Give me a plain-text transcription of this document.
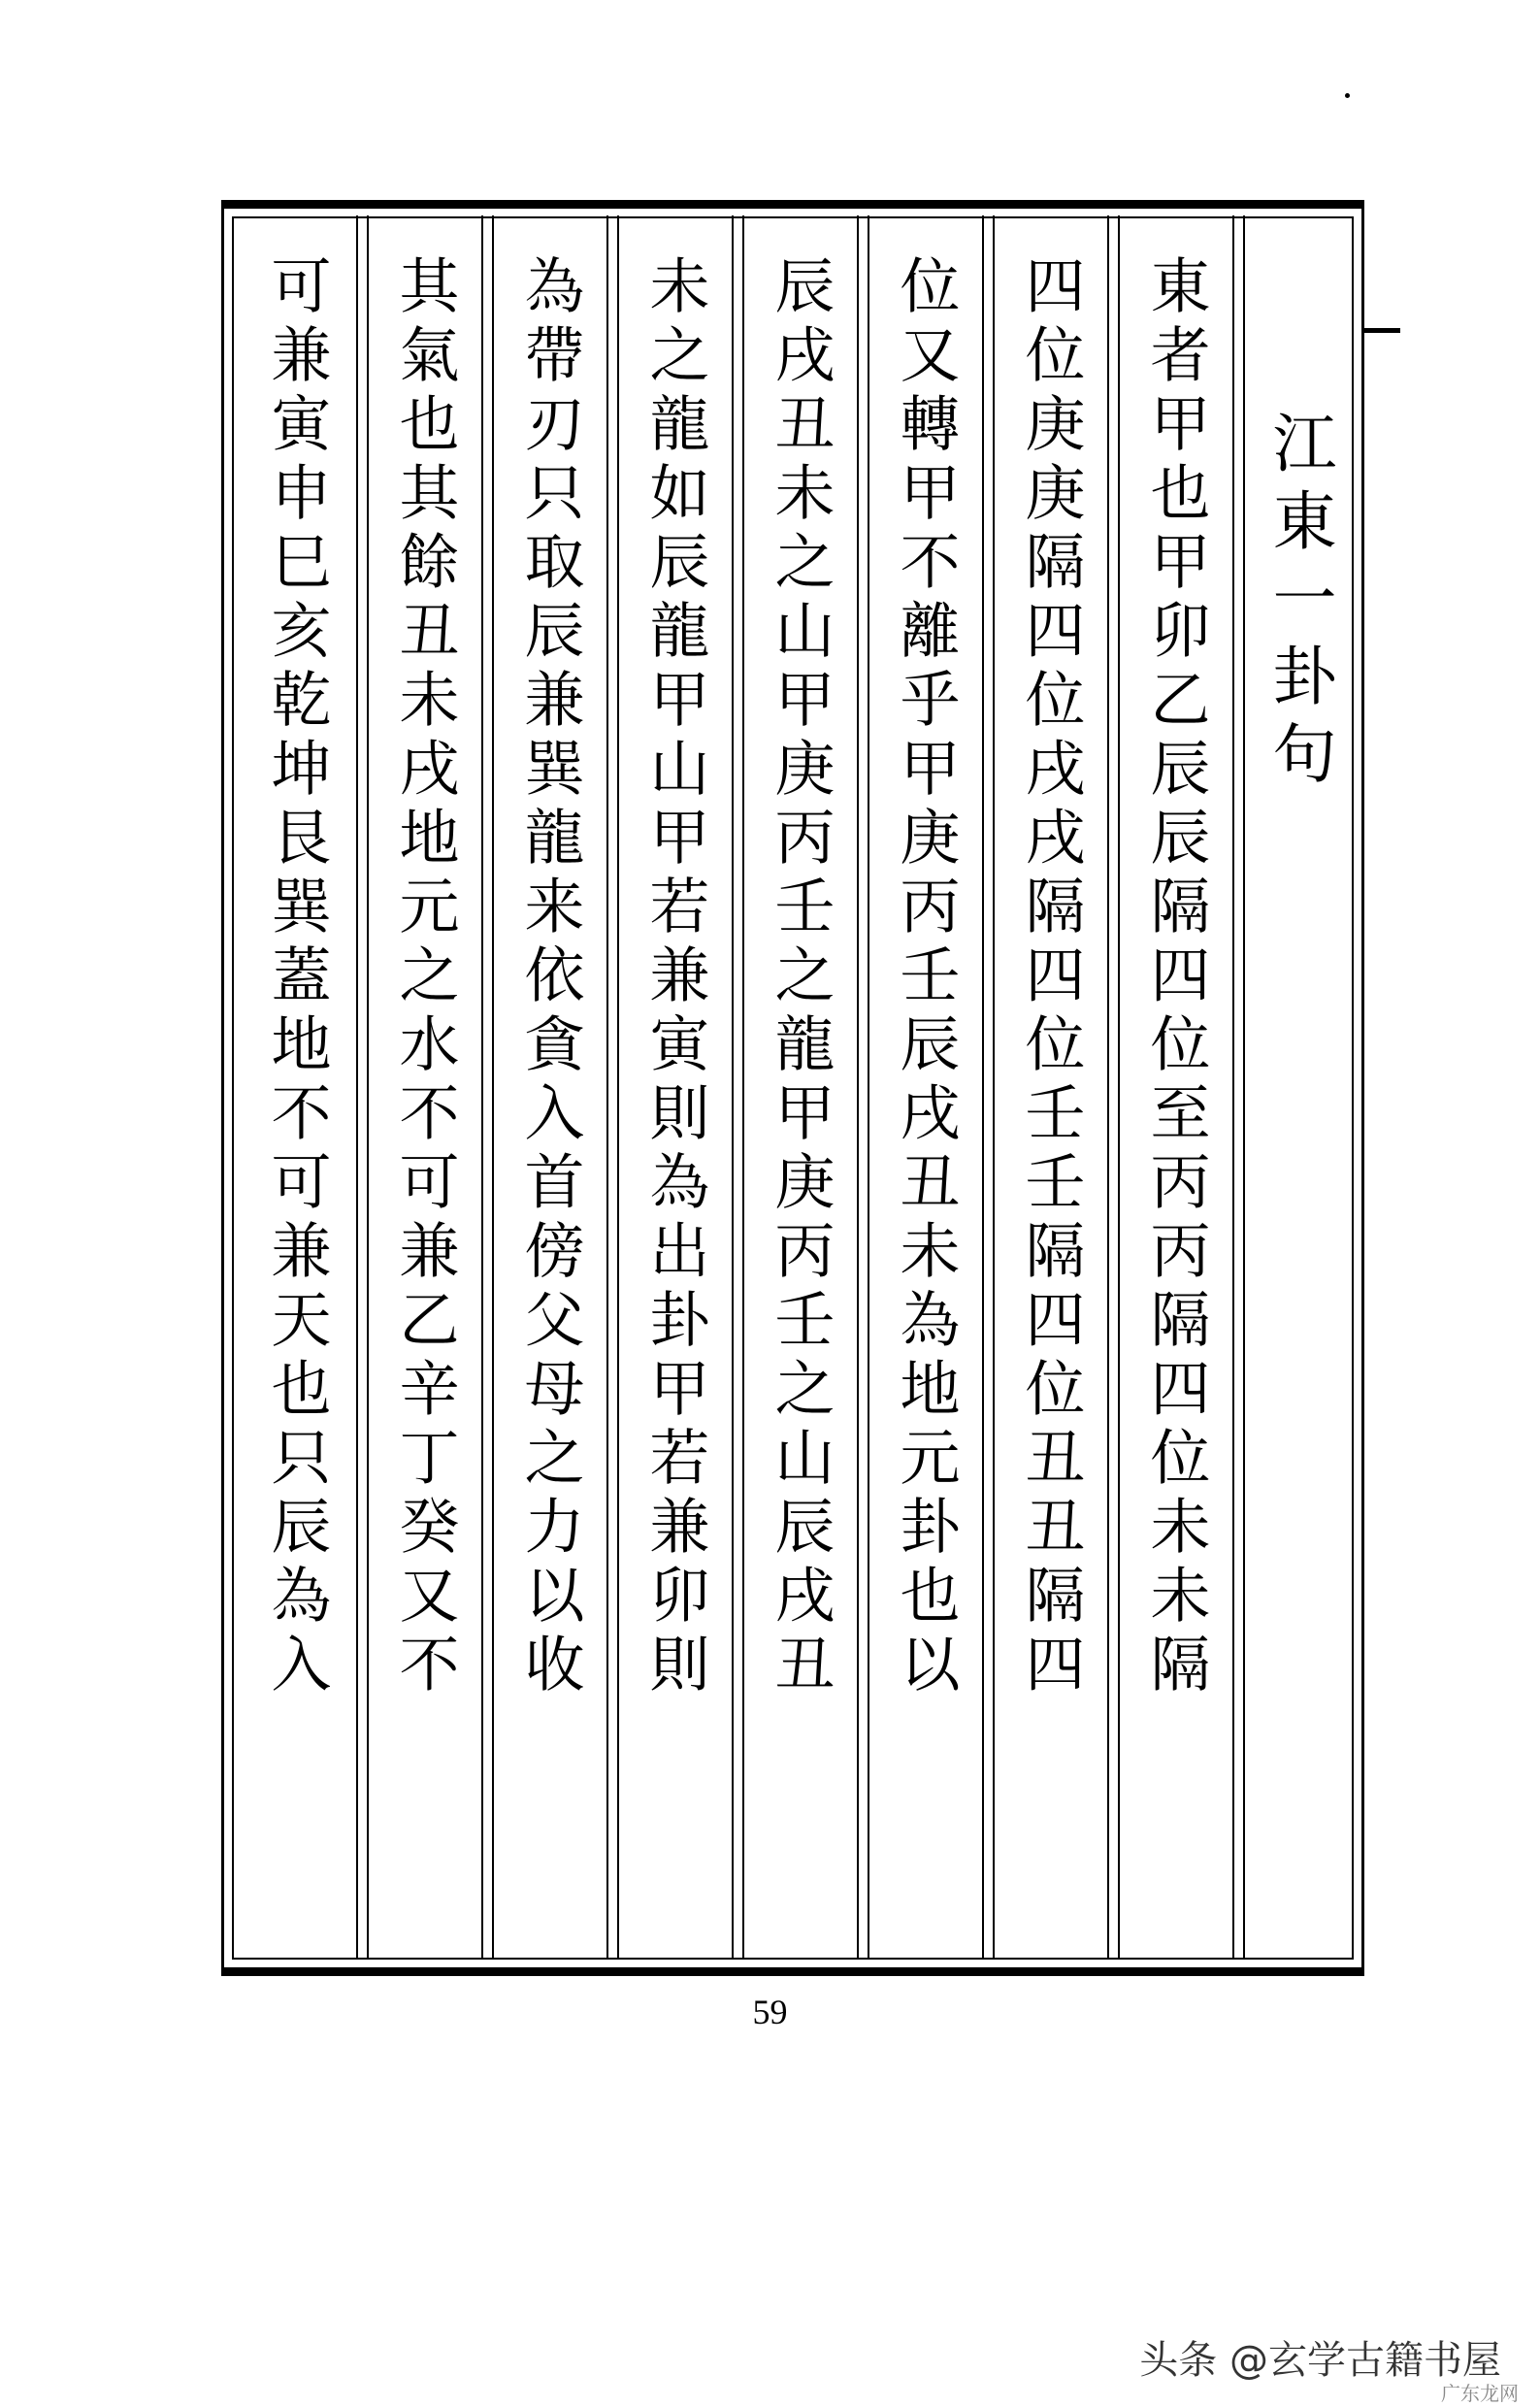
江東一卦句
東者甲也甲卯乙辰辰隔四位至丙丙隔四位未未隔
四位庚庚隔四位戌戌隔四位壬壬隔四位丑丑隔四
位又轉甲不離乎甲庚丙壬辰戌丑未為地元卦也以
辰戌丑未之山甲庚丙壬之龍甲庚丙壬之山辰戌丑
未之龍如辰龍甲山甲若兼寅則為出卦甲若兼卯則
為帶刃只取辰兼巽龍来依貪入首傍父母之力以收
其氣也其餘丑未戌地元之水不可兼乙辛丁癸又不
可兼寅申巳亥乾坤艮巽蓋地不可兼天也只辰為入
59
头条 @玄学古籍书屋
广东龙网
